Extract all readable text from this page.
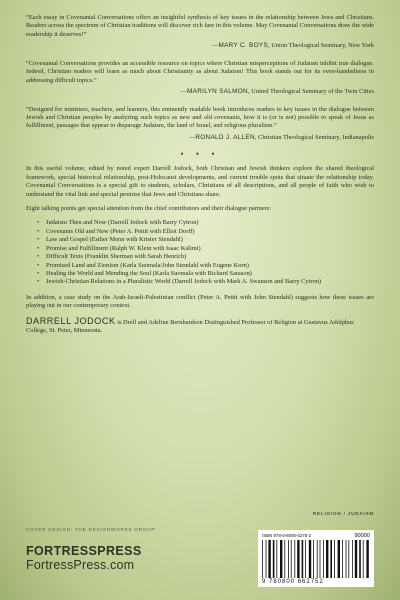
“Each essay in Covenantal Conversations offers an insightful synthesis of key issues in the relationship between Jews and Christians. Readers across the spectrum of Christian traditions will discover rich fare in this volume. May Covenantal Conversations draw the wide readership it deserves!”

—MARY C. BOYS, Union Theological Seminary, New York

“Covenantal Conversations provides an accessible resource on topics where Christian misperceptions of Judaism inhibit true dialogue. Indeed, Christian readers will learn as much about Christianity as about Judaism! This book stands out for its even-handedness in addressing difficult topics.”

—MARILYN SALMON, United Theological Seminary of the Twin Cities

“Designed for ministers, teachers, and learners, this eminently readable book introduces readers to key issues in the dialogue between Jewish and Christian peoples by analyzing such topics as new and old covenants, how it is (or is not) possible to speak of Jesus as fulfillment, passages that appear to disparage Judaism, the land of Israel, and religious pluralism.”

—RONALD J. ALLEN, Christian Theological Seminary, Indianapolis

• • •

In this useful volume, edited by noted expert Darrell Jodock, both Christian and Jewish thinkers explore the shared theological framework, special historical relationship, post-Holocaust developments, and current trouble spots that situate the relationship today. Covenantal Conversations is a special gift to students, scholars, Christians of all descriptions, and all people of faith who wish to understand the vital link and special promise that Jews and Christians share.

Eight talking points get special attention from the chief contributors and their dialogue partners:

• Judaism Then and Now (Darrell Jodock with Barry Cytron)
• Covenants Old and New (Peter A. Pettit with Elliot Dorff)
• Law and Gospel (Esther Menn with Krister Stendahl)
• Promise and Fulfillment (Ralph W. Klein with Isaac Kalimi)
• Difficult Texts (Franklin Sherman with Sarah Henrich)
• Promised Land and Zionism (Karla Suomala/John Stendahl with Eugene Korn)
• Healing the World and Mending the Soul (Karla Suomala with Richard Sarason)
• Jewish-Christian Relations in a Pluralistic World (Darrell Jodock with Mark A. Swanson and Barry Cytron)

In addition, a case study on the Arab-Israeli-Palestinian conflict (Peter A. Pettit with John Stendahl) suggests how these issues are playing out in our contemporary context.

DARRELL JODOCK is Drell and Adeline Bernhardson Distinguished Professor of Religion at Gustavus Adolphus College, St. Peter, Minnesota.

RELIGION / JUDAISM
COVER DESIGN: THE DESIGNWORKS GROUP
FORTRESSPRESS
FortressPress.com
ISBN 978-0-8006-6275-2	90000
9 780800 662752
